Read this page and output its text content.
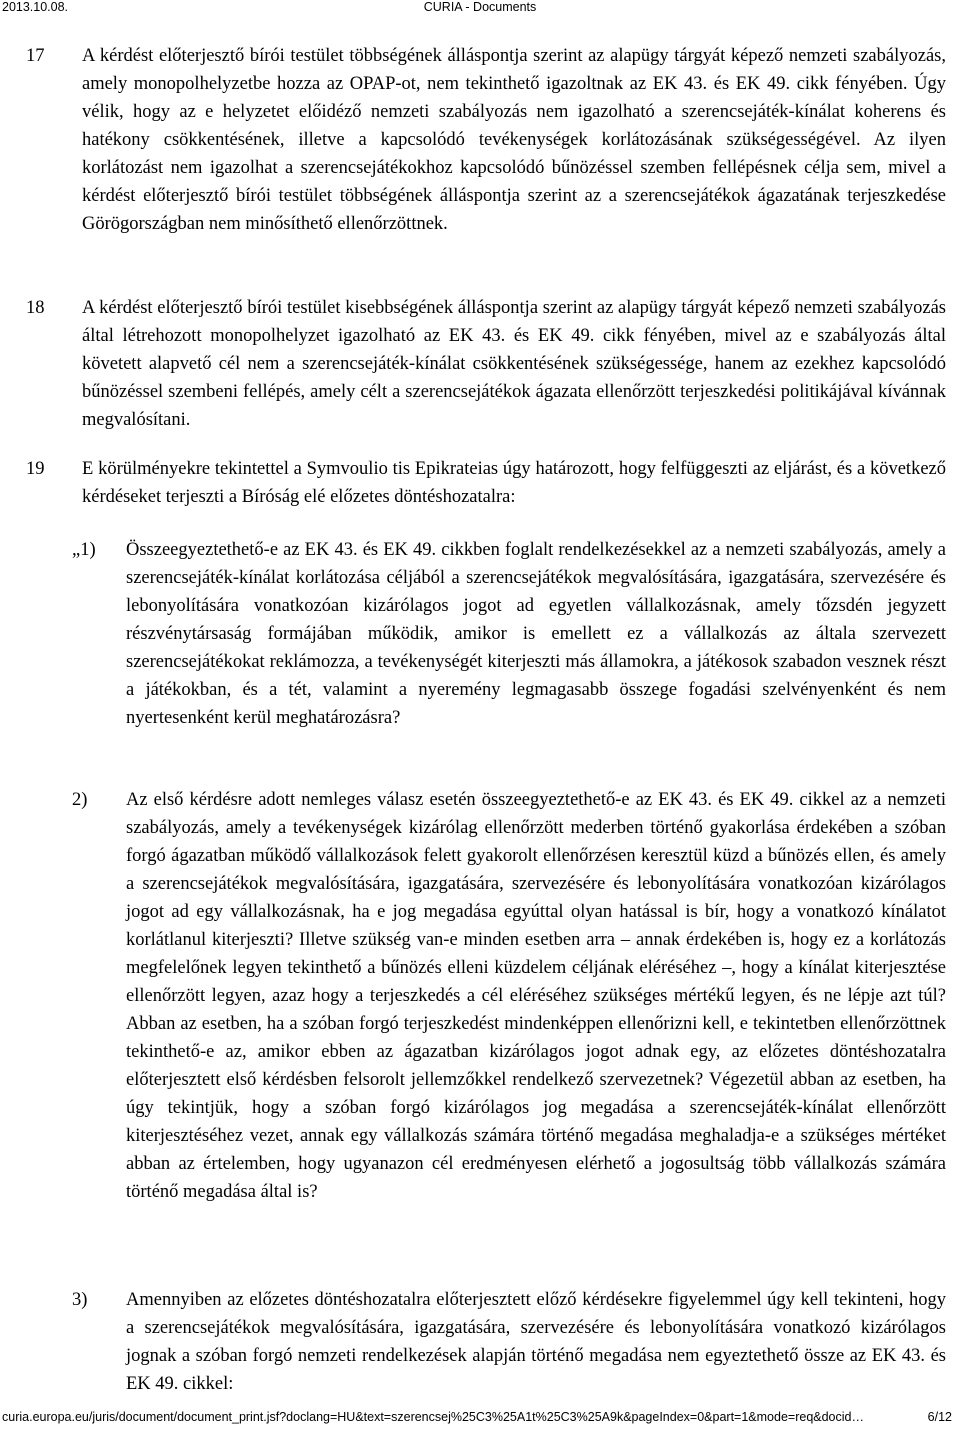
2013.10.08.	CURIA - Documents
17 A kérdést előterjesztő bírói testület többségének álláspontja szerint az alapügy tárgyát képező nemzeti szabályozás, amely monopolhelyzetbe hozza az OPAP‑ot, nem tekinthető igazoltnak az EK 43. és EK 49. cikk fényében. Úgy vélik, hogy az e helyzetet előidéző nemzeti szabályozás nem igazolható a szerencsejáték‑kínálat koherens és hatékony csökkentésének, illetve a kapcsolódó tevékenységek korlátozásának szükségességével. Az ilyen korlátozást nem igazolhat a szerencsejátékokhoz kapcsolódó bűnözéssel szemben fellépésnek célja sem, mivel a kérdést előterjesztő bírói testület többségének álláspontja szerint az a szerencsejátékok ágazatának terjeszkedése Görögországban nem minősíthető ellenőrzöttnek.
18 A kérdést előterjesztő bírói testület kisebbségének álláspontja szerint az alapügy tárgyát képező nemzeti szabályozás által létrehozott monopolhelyzet igazolható az EK 43. és EK 49. cikk fényében, mivel az e szabályozás által követett alapvető cél nem a szerencsejáték‑kínálat csökkentésének szükségessége, hanem az ezekhez kapcsolódó bűnözéssel szembeni fellépés, amely célt a szerencsejátékok ágazata ellenőrzött terjeszkedési politikájával kívánnak megvalósítani.
19 E körülményekre tekintettel a Symvoulio tis Epikrateias úgy határozott, hogy felfüggeszti az eljárást, és a következő kérdéseket terjeszti a Bíróság elé előzetes döntéshozatalra:
„1) Összeegyeztethető‑e az EK 43. és EK 49. cikkben foglalt rendelkezésekkel az a nemzeti szabályozás, amely a szerencsejáték‑kínálat korlátozása céljából a szerencsejátékok megvalósítására, igazgatására, szervezésére és lebonyolítására vonatkozóan kizárólagos jogot ad egyetlen vállalkozásnak, amely tőzsdén jegyzett részvénytársaság formájában működik, amikor is emellett ez a vállalkozás az általa szervezett szerencsejátékokat reklámozza, a tevékenységét kiterjeszti más államokra, a játékosok szabadon vesznek részt a játékokban, és a tét, valamint a nyeremény legmagasabb összege fogadási szelvényenként és nem nyertesenként kerül meghatározásra?
2) Az első kérdésre adott nemleges válasz esetén összeegyeztethető‑e az EK 43. és EK 49. cikkel az a nemzeti szabályozás, amely a tevékenységek kizárólag ellenőrzött mederben történő gyakorlása érdekében a szóban forgó ágazatban működő vállalkozások felett gyakorolt ellenőrzésen keresztül küzd a bűnözés ellen, és amely a szerencsejátékok megvalósítására, igazgatására, szervezésére és lebonyolítására vonatkozóan kizárólagos jogot ad egy vállalkozásnak, ha e jog megadása egyúttal olyan hatással is bír, hogy a vonatkozó kínálatot korlátlanul kiterjeszti? Illetve szükség van‑e minden esetben arra – annak érdekében is, hogy ez a korlátozás megfelelőnek legyen tekinthető a bűnözés elleni küzdelem céljának eléréséhez –, hogy a kínálat kiterjesztése ellenőrzött legyen, azaz hogy a terjeszkedés a cél eléréséhez szükséges mértékű legyen, és ne lépje azt túl? Abban az esetben, ha a szóban forgó terjeszkedést mindenképpen ellenőrizni kell, e tekintetben ellenőrzöttnek tekinthető‑e az, amikor ebben az ágazatban kizárólagos jogot adnak egy, az előzetes döntéshozatalra előterjesztett első kérdésben felsorolt jellemzőkkel rendelkező szervezetnek? Végezetül abban az esetben, ha úgy tekintjük, hogy a szóban forgó kizárólagos jog megadása a szerencsejáték‑kínálat ellenőrzött kiterjesztéséhez vezet, annak egy vállalkozás számára történő megadása meghaladja‑e a szükséges mértéket abban az értelemben, hogy ugyanazon cél eredményesen elérhető a jogosultság több vállalkozás számára történő megadása által is?
3) Amennyiben az előzetes döntéshozatalra előterjesztett előző kérdésekre figyelemmel úgy kell tekinteni, hogy a szerencsejátékok megvalósítására, igazgatására, szervezésére és lebonyolítására vonatkozó kizárólagos jognak a szóban forgó nemzeti rendelkezések alapján történő megadása nem egyeztethető össze az EK 43. és EK 49. cikkel:
curia.europa.eu/juris/document/document_print.jsf?doclang=HU&text=szerencsej%25C3%25A1t%25C3%25A9k&pageIndex=0&part=1&mode=req&docid…	6/12
